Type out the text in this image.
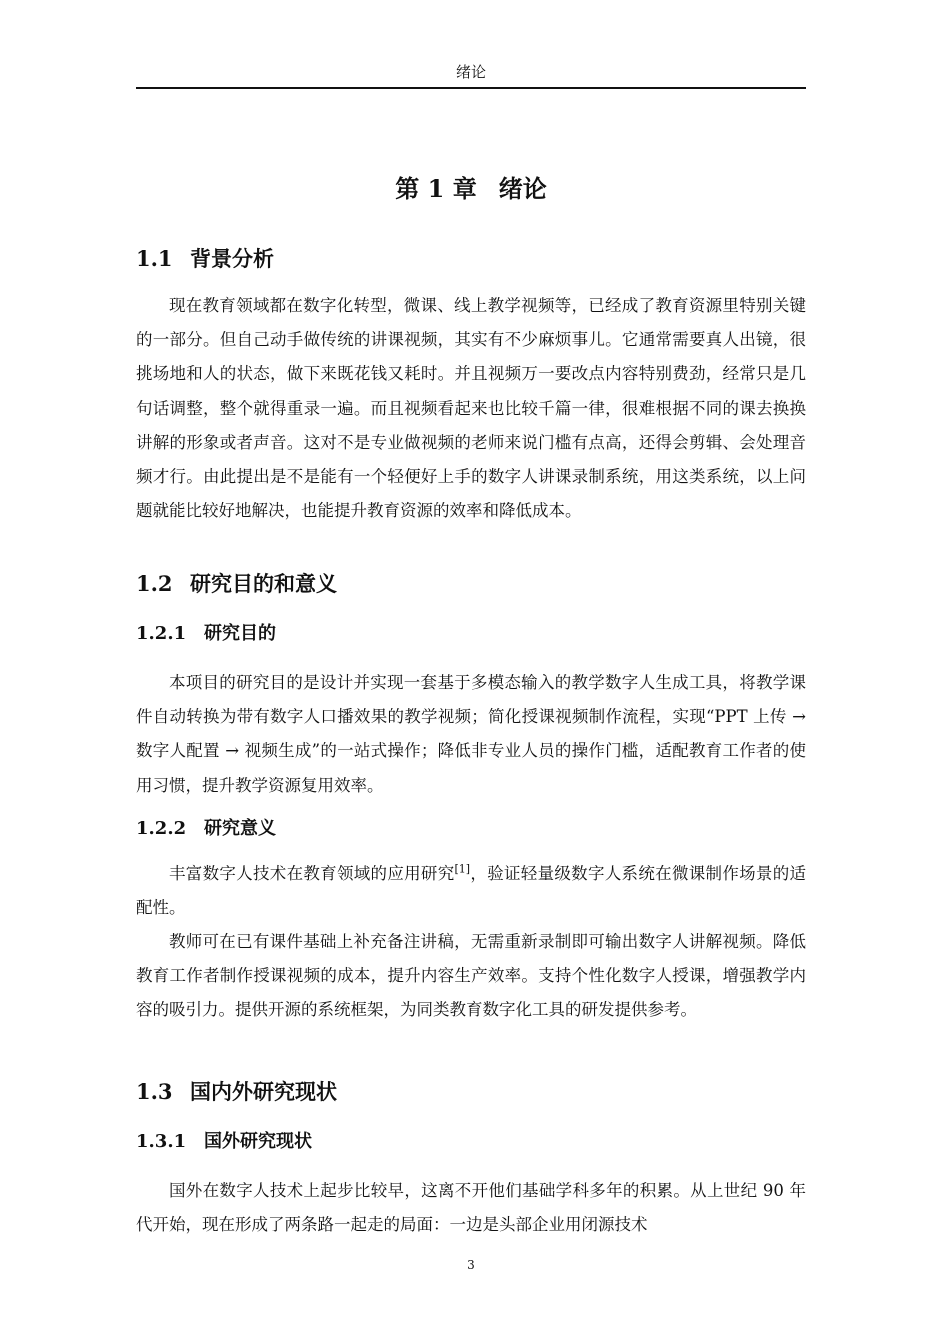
绪论
第 1 章 绪论
1.1 背景分析

现在教育领域都在数字化转型，微课、线上教学视频等，已经成了教育资源里特别关键的一部分。但自己动手做传统的讲课视频，其实有不少麻烦事儿。它通常需要真人出镜，很挑场地和人的状态，做下来既花钱又耗时。并且视频万一要改点内容特别费劲，经常只是几句话调整，整个就得重录一遍。而且视频看起来也比较千篇一律，很难根据不同的课去换换讲解的形象或者声音。这对不是专业做视频的老师来说门槛有点高，还得会剪辑、会处理音频才行。由此提出是不是能有一个轻便好上手的数字人讲课录制系统，用这类系统，以上问题就能比较好地解决，也能提升教育资源的效率和降低成本。

1.2 研究目的和意义
1.2.1 研究目的

本项目的研究目的是设计并实现一套基于多模态输入的教学数字人生成工具，将教学课件自动转换为带有数字人口播效果的教学视频；简化授课视频制作流程，实现“PPT 上传 → 数字人配置 → 视频生成”的一站式操作；降低非专业人员的操作门槛，适配教育工作者的使用习惯，提升教学资源复用效率。

1.2.2 研究意义

丰富数字人技术在教育领域的应用研究[1]，验证轻量级数字人系统在微课制作场景的适配性。

教师可在已有课件基础上补充备注讲稿，无需重新录制即可输出数字人讲解视频。降低教育工作者制作授课视频的成本，提升内容生产效率。支持个性化数字人授课，增强教学内容的吸引力。提供开源的系统框架，为同类教育数字化工具的研发提供参考。

1.3 国内外研究现状
1.3.1 国外研究现状

国外在数字人技术上起步比较早，这离不开他们基础学科多年的积累。从上世纪 90 年代开始，现在形成了两条路一起走的局面：一边是头部企业用闭源技术

3
